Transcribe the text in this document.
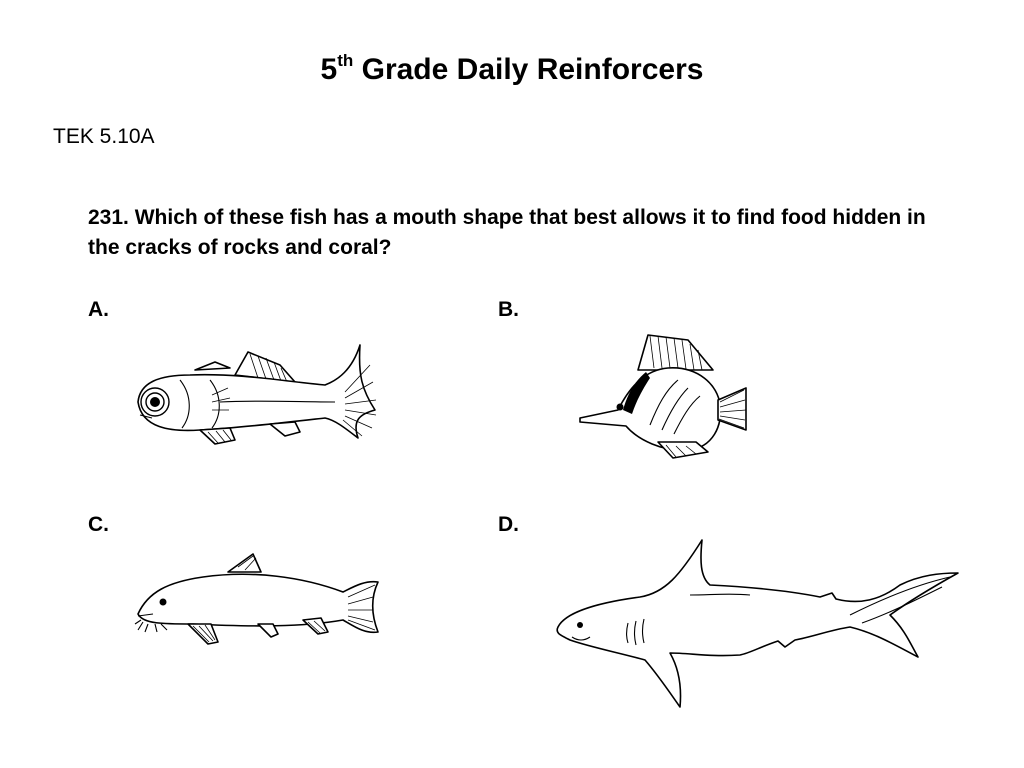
5th Grade Daily Reinforcers
TEK 5.10A
231. Which of these fish has a mouth shape that best allows it to find food hidden in the cracks of rocks and coral?
A.	B.
C.	D.
